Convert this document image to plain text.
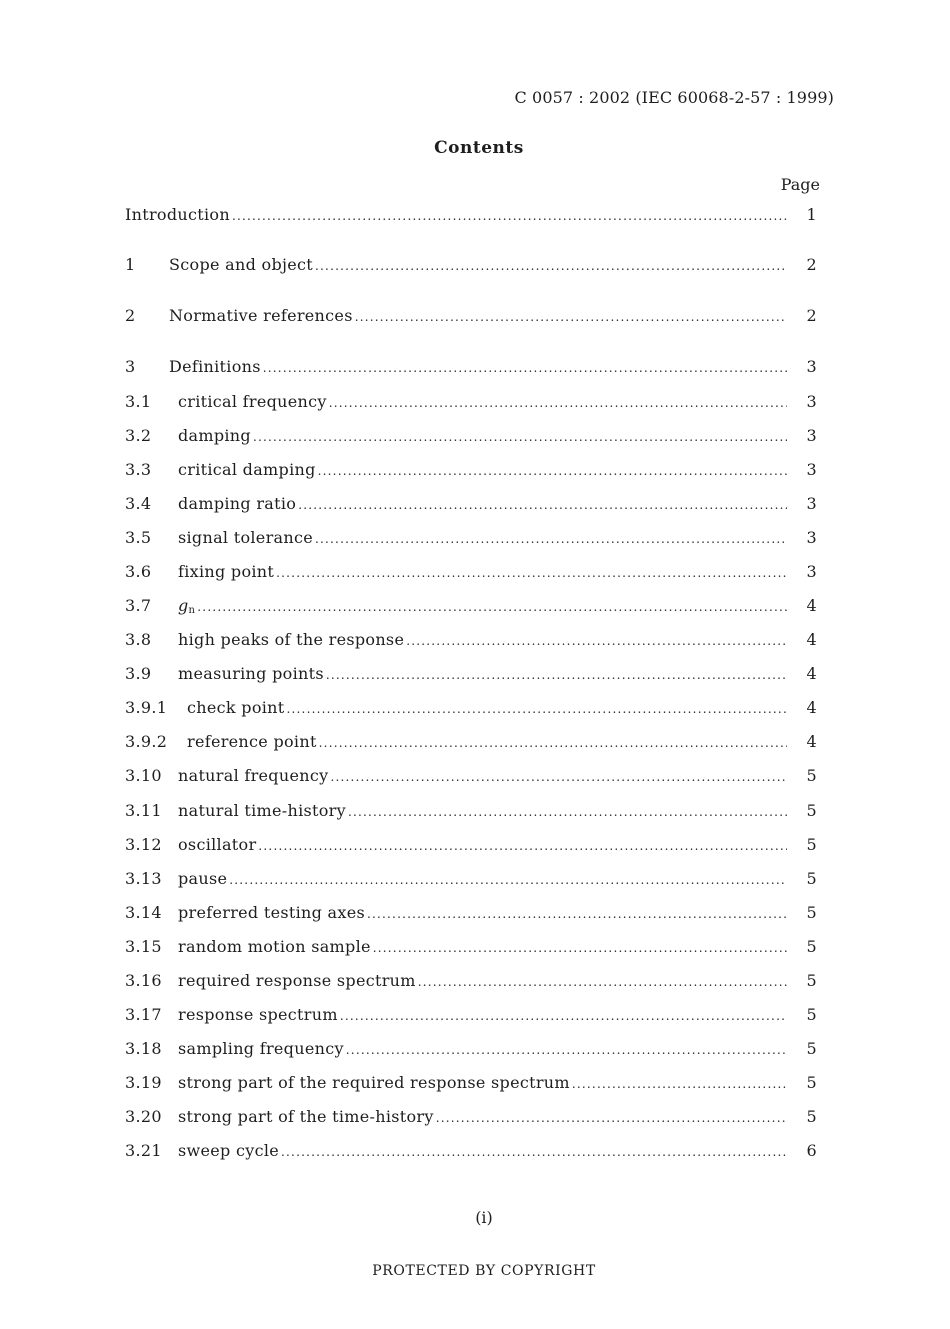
C 0057 : 2002 (IEC 60068-2-57 : 1999)
Contents
Page
Introduction .....	1
1	Scope and object .....	2
2	Normative references .....	2
3	Definitions .....	3
3.1	critical frequency .....	3
3.2	damping .....	3
3.3	critical damping .....	3
3.4	damping ratio .....	3
3.5	signal tolerance .....	3
3.6	fixing point .....	3
3.7	$g_n$ .....	4
3.8	high peaks of the response .....	4
3.9	measuring points .....	4
3.9.1	check point .....	4
3.9.2	reference point .....	4
3.10	natural frequency .....	5
3.11	natural time-history .....	5
3.12	oscillator .....	5
3.13	pause .....	5
3.14	preferred testing axes .....	5
3.15	random motion sample .....	5
3.16	required response spectrum .....	5
3.17	response spectrum .....	5
3.18	sampling frequency .....	5
3.19	strong part of the required response spectrum .....	5
3.20	strong part of the time-history .....	5
3.21	sweep cycle .....	6
(i)
PROTECTED BY COPYRIGHT
